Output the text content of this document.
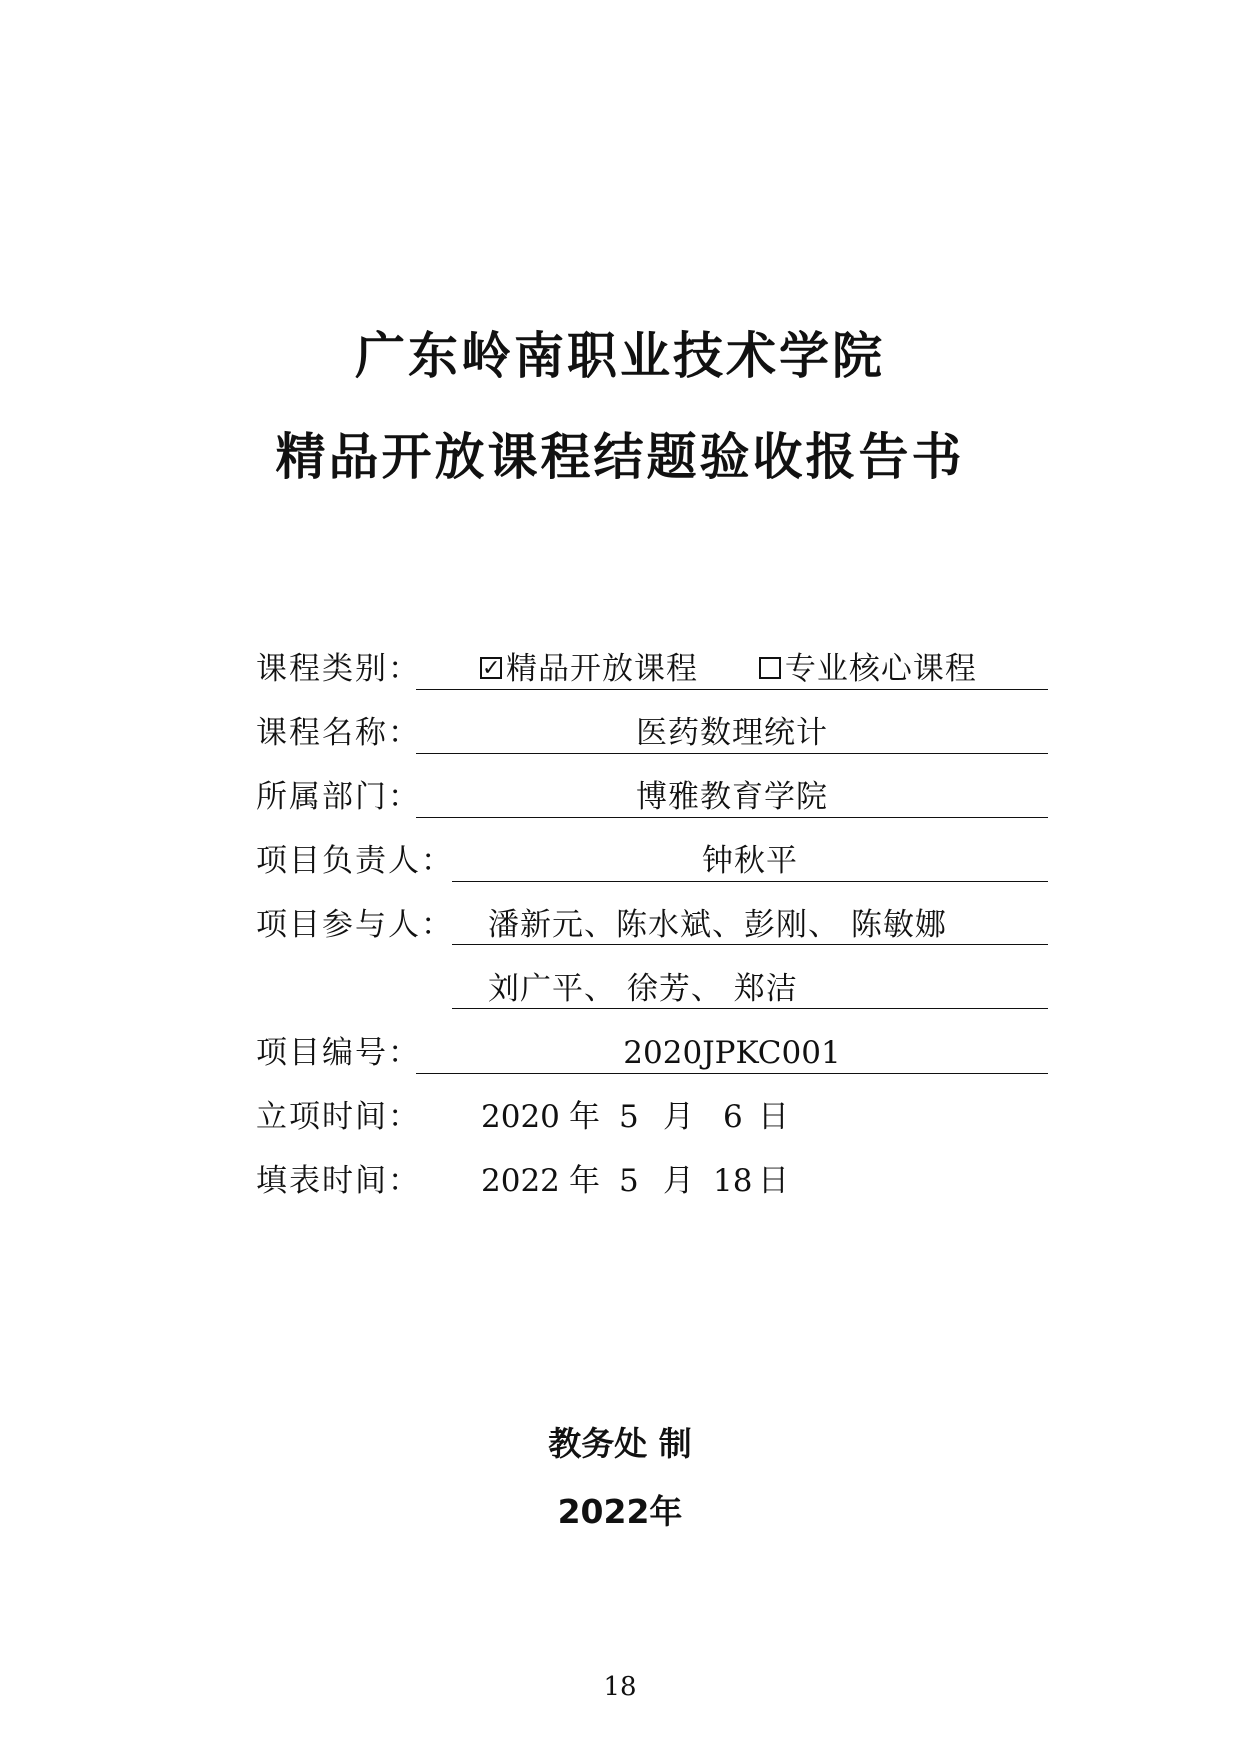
广东岭南职业技术学院
精品开放课程结题验收报告书
课程类别：	✓ 精品开放课程	专业核心课程
课程名称：	医药数理统计
所属部门：	博雅教育学院
项目负责人：	钟秋平
项目参与人：	潘新元、陈水斌、彭刚、 陈敏娜
刘广平、 徐芳、 郑洁
项目编号：	2020JPKC001
立项时间： 2020 年 5 月 6 日
填表时间： 2022 年 5 月 18 日
教务处 制
2022年
18
